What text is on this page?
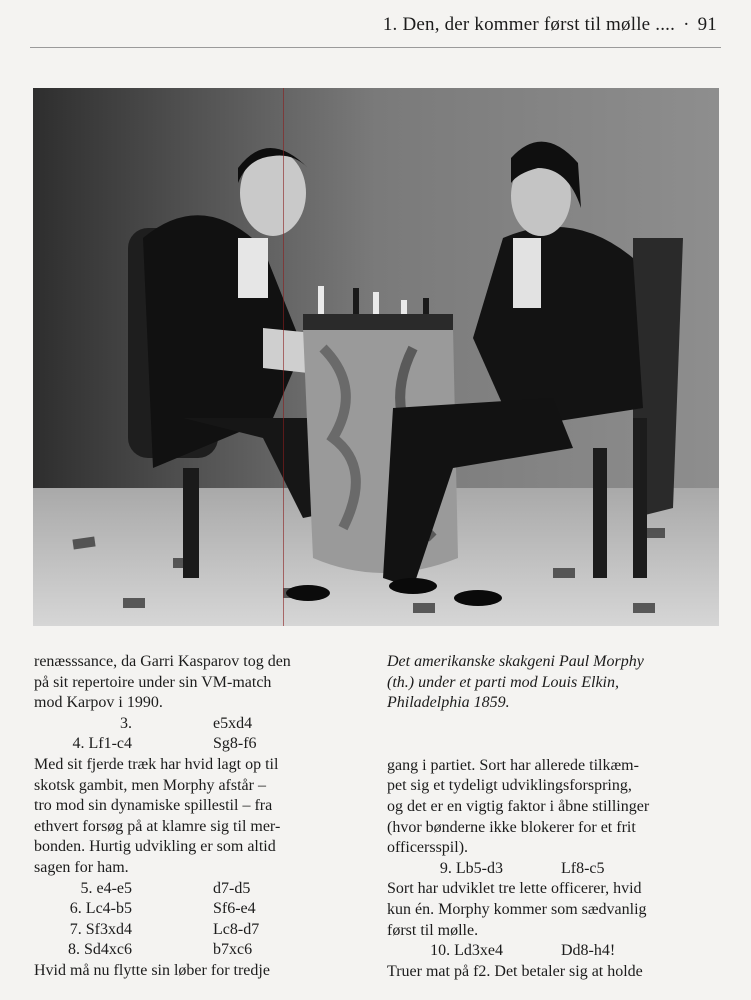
1. Den, der kommer først til mølle .... · 91

renæsssance, da Garri Kasparov tog den

på sit repertoire under sin VM-match

mod Karpov i 1990.

3.	e5xd4
4. Lf1-c4	Sg8-f6

Med sit fjerde træk har hvid lagt op til

skotsk gambit, men Morphy afstår –

tro mod sin dynamiske spillestil – fra

ethvert forsøg på at klamre sig til mer-

bonden. Hurtig udvikling er som altid

sagen for ham.

5. e4-e5	d7-d5
6. Lc4-b5	Sf6-e4
7. Sf3xd4	Lc8-d7
8. Sd4xc6	b7xc6

Hvid må nu flytte sin løber for tredje

Det amerikanske skakgeni Paul Morphy

(th.) under et parti mod Louis Elkin,

Philadelphia 1859.

gang i partiet. Sort har allerede tilkæm-

pet sig et tydeligt udviklingsforspring,

og det er en vigtig faktor i åbne stillinger

(hvor bønderne ikke blokerer for et frit

officersspil).

9. Lb5-d3	Lf8-c5

Sort har udviklet tre lette officerer, hvid

kun én. Morphy kommer som sædvanlig

først til mølle.

10. Ld3xe4	Dd8-h4!

Truer mat på f2. Det betaler sig at holde
